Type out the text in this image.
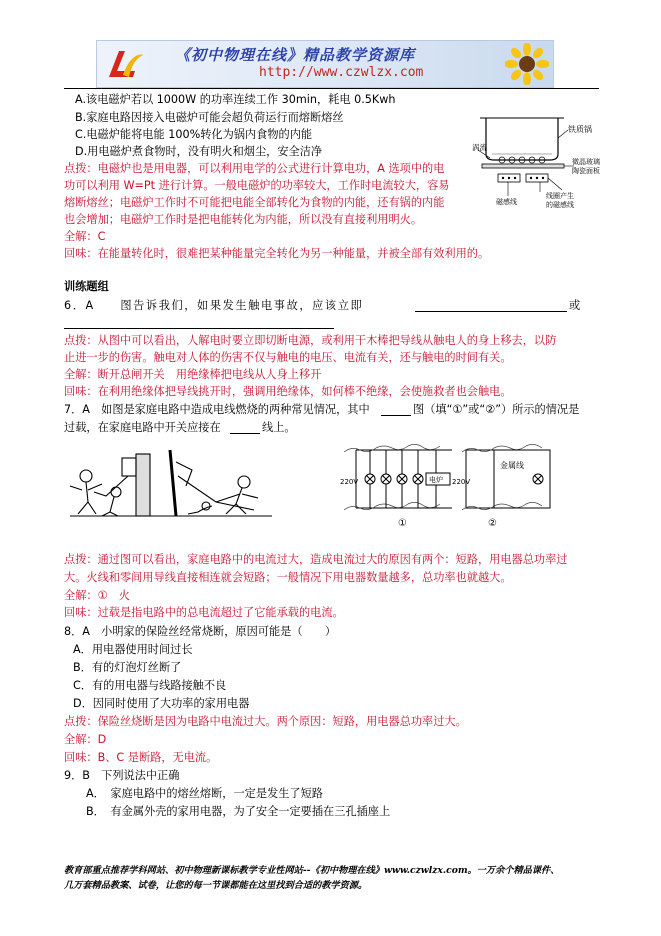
《初中物理在线》精品教学资源库
http://www.czwlzx.com
A.该电磁炉若以 1000W 的功率连续工作 30min，耗电 0.5Kwh
B.家庭电路因接入电磁炉可能会超负荷运行而熔断熔丝
C.电磁炉能将电能 100%转化为锅内食物的内能
D.用电磁炉煮食物时，没有明火和烟尘，安全洁净
铁质锅
涡流
微晶玻璃
陶瓷面板
磁感线
线圈产生
的磁感线
点拨：电磁炉也是用电器，可以利用电学的公式进行计算电功，A 选项中的电
功可以利用 W=Pt 进行计算。一般电磁炉的功率较大，工作时电流较大，容易
熔断熔丝；电磁炉工作时不可能把电能全部转化为食物的内能，还有锅的内能
也会增加；电磁炉工作时是把电能转化为内能，所以没有直接利用明火。
全解：C
回味：在能量转化时，很难把某种能量完全转化为另一种能量，并被全部有效利用的。
训练题组
6．A　　图告诉我们，如果发生触电事故，应该立即	或
点拨：从图中可以看出，人解电时要立即切断电源，或利用干木棒把导线从触电人的身上移去，以防
止进一步的伤害。触电对人体的伤害不仅与触电的电压、电流有关，还与触电的时间有关。
全解：断开总闸开关　用绝缘棒把电线从人身上移开
回味：在利用绝缘体把导线挑开时，强调用绝缘体，如何棒不绝缘，会使施救者也会触电。
7．A　如图是家庭电路中造成电线燃烧的两种常见情况，其中	图（填“①”或“②”）所示的情况是
过载，在家庭电路中开关应接在	线上。
220V	220V
电炉
金属线
①	②
点拨：通过图可以看出，家庭电路中的电流过大，造成电流过大的原因有两个：短路，用电器总功率过
大。火线和零间用导线直接相连就会短路；一般情况下用电器数量越多，总功率也就越大。
全解：①　火
回味：过载是指电路中的总电流超过了它能承载的电流。
8．A　小明家的保险丝经常烧断，原因可能是（　　）
A．用电器使用时间过长
B．有的灯泡灯丝断了
C．有的用电器与线路接触不良
D．因同时使用了大功率的家用电器
点拨：保险丝烧断是因为电路中电流过大。两个原因：短路，用电器总功率过大。
全解：D
回味：B、C 是断路，无电流。
9．B　下列说法中正确
A．　家庭电路中的熔丝熔断，一定是发生了短路
B．　有金属外壳的家用电器，为了安全一定要插在三孔插座上
教育部重点推荐学科网站、初中物理新课标教学专业性网站--《初中物理在线》www.czwlzx.com。一万余个精品课件、
几万套精品教案、试卷，让您的每一节课都能在这里找到合适的教学资源。
